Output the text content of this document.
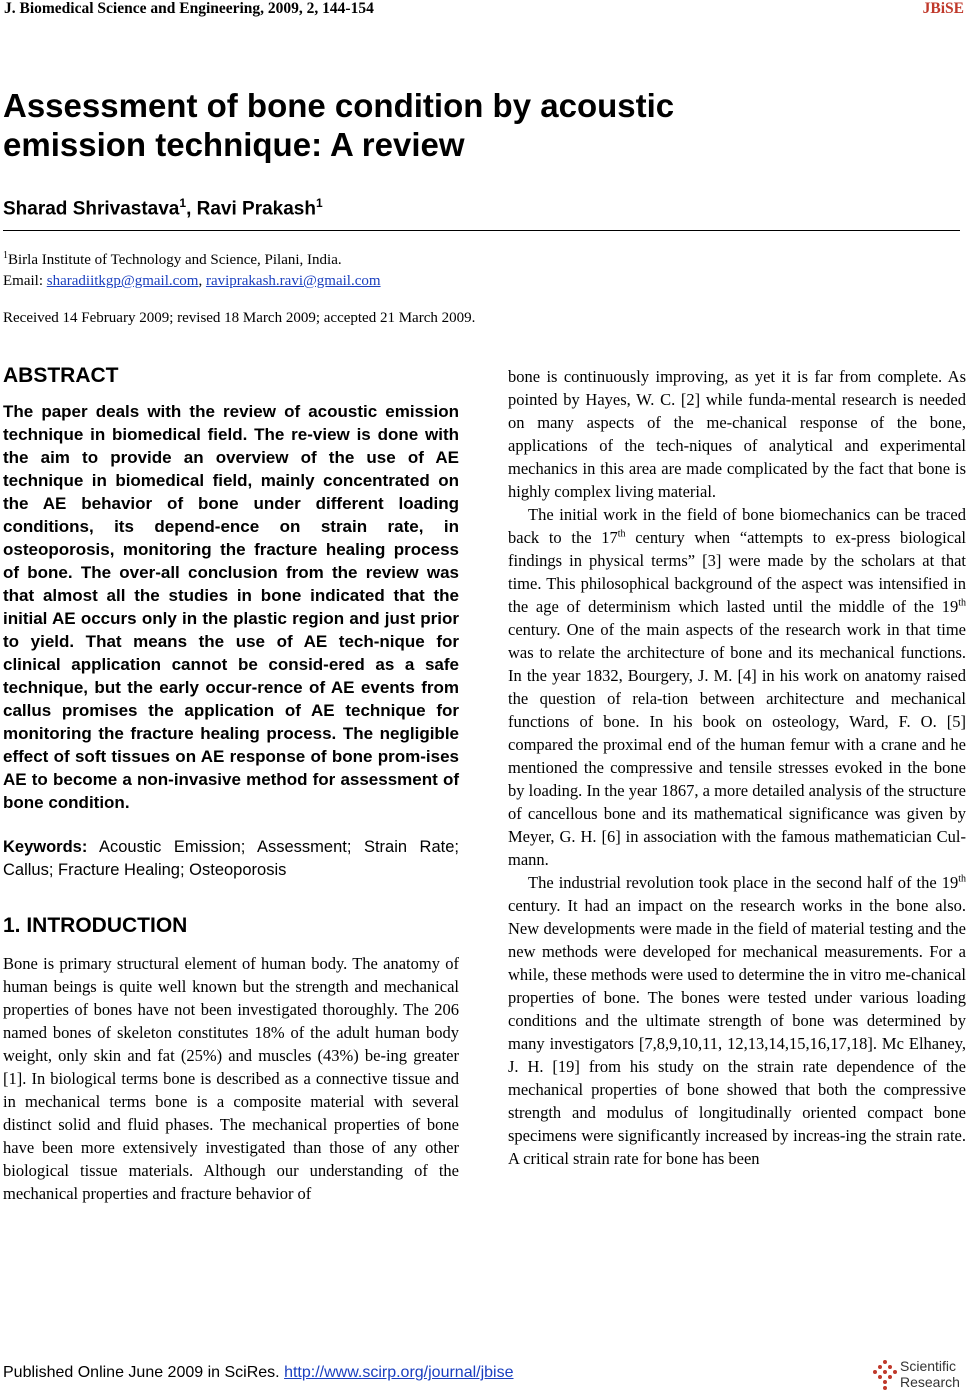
J. Biomedical Science and Engineering, 2009, 2, 144-154	JBiSE
Assessment of bone condition by acoustic
emission technique: A review
Sharad Shrivastava$^1$, Ravi Prakash$^1$
$^1$Birla Institute of Technology and Science, Pilani, India.
Email: sharadiitkgp@gmail.com, raviprakash.ravi@gmail.com
Received 14 February 2009; revised 18 March 2009; accepted 21 March 2009.
ABSTRACT

The paper deals with the review of acoustic emission technique in biomedical field. The re-view is done with the aim to provide an overview of the use of AE technique in biomedical field, mainly concentrated on the AE behavior of bone under different loading conditions, its depend-ence on strain rate, in osteoporosis, monitoring the fracture healing process of bone. The over-all conclusion from the review was that almost all the studies in bone indicated that the initial AE occurs only in the plastic region and just prior to yield. That means the use of AE tech-nique for clinical application cannot be consid-ered as a safe technique, but the early occur-rence of AE events from callus promises the application of AE technique for monitoring the fracture healing process. The negligible effect of soft tissues on AE response of bone prom-ises AE to become a non-invasive method for assessment of bone condition.

Keywords: Acoustic Emission; Assessment; Strain Rate; Callus; Fracture Healing; Osteoporosis

1. INTRODUCTION

Bone is primary structural element of human body. The anatomy of human beings is quite well known but the strength and mechanical properties of bones have not been investigated thoroughly. The 206 named bones of skeleton constitutes 18% of the adult human body weight, only skin and fat (25%) and muscles (43%) be-ing greater [1]. In biological terms bone is described as a connective tissue and in mechanical terms bone is a composite material with several distinct solid and fluid phases. The mechanical properties of bone have been more extensively investigated than those of any other biological tissue materials. Although our understanding of the mechanical properties and fracture behavior of

bone is continuously improving, as yet it is far from complete. As pointed by Hayes, W. C. [2] while funda-mental research is needed on many aspects of the me-chanical response of the bone, applications of the tech-niques of analytical and experimental mechanics in this area are made complicated by the fact that bone is highly complex living material.

The initial work in the field of bone biomechanics can be traced back to the 17th century when “attempts to ex-press biological findings in physical terms” [3] were made by the scholars at that time. This philosophical background of the aspect was intensified in the age of determinism which lasted until the middle of the 19th century. One of the main aspects of the research work in that time was to relate the architecture of bone and its mechanical functions. In the year 1832, Bourgery, J. M. [4] in his work on anatomy raised the question of rela-tion between architecture and mechanical functions of bone. In his book on osteology, Ward, F. O. [5] compared the proximal end of the human femur with a crane and he mentioned the compressive and tensile stresses evoked in the bone by loading. In the year 1867, a more detailed analysis of the structure of cancellous bone and its mathematical significance was given by Meyer, G. H. [6] in association with the famous mathematician Cul-mann.

The industrial revolution took place in the second half of the 19th century. It had an impact on the research works in the bone also. New developments were made in the field of material testing and the new methods were developed for mechanical measurements. For a while, these methods were used to determine the in vitro me-chanical properties of bone. The bones were tested under various loading conditions and the ultimate strength of bone was determined by many investigators [7,8,9,10,11, 12,13,14,15,16,17,18]. Mc Elhaney, J. H. [19] from his study on the strain rate dependence of the mechanical properties of bone showed that both the compressive strength and modulus of longitudinally oriented compact bone specimens were significantly increased by increas-ing the strain rate. A critical strain rate for bone has been

Published Online June 2009 in SciRes. http://www.scirp.org/journal/jbise	Scientific
Research
